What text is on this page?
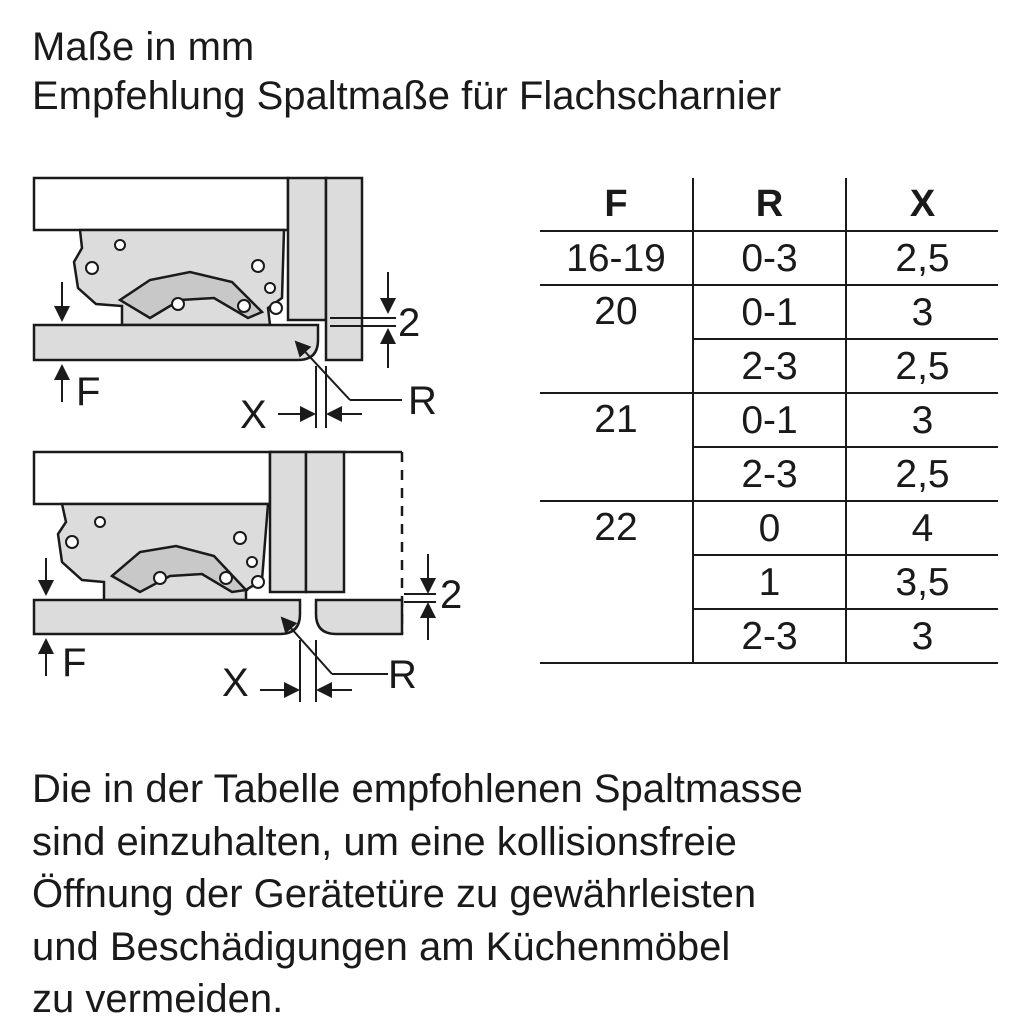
Maße in mm
Empfehlung Spaltmaße für Flachscharnier
F
X	R
2
F	X	R
2
F	R	X
16-19	0-3	2,5
20	0-1	3
	2-3	2,5
21	0-1	3
	2-3	2,5
22	0	4
	1	3,5
	2-3	3
Die in der Tabelle empfohlenen Spaltmasse
sind einzuhalten, um eine kollisionsfreie
Öffnung der Gerätetüre zu gewährleisten
und Beschädigungen am Küchenmöbel
zu vermeiden.
